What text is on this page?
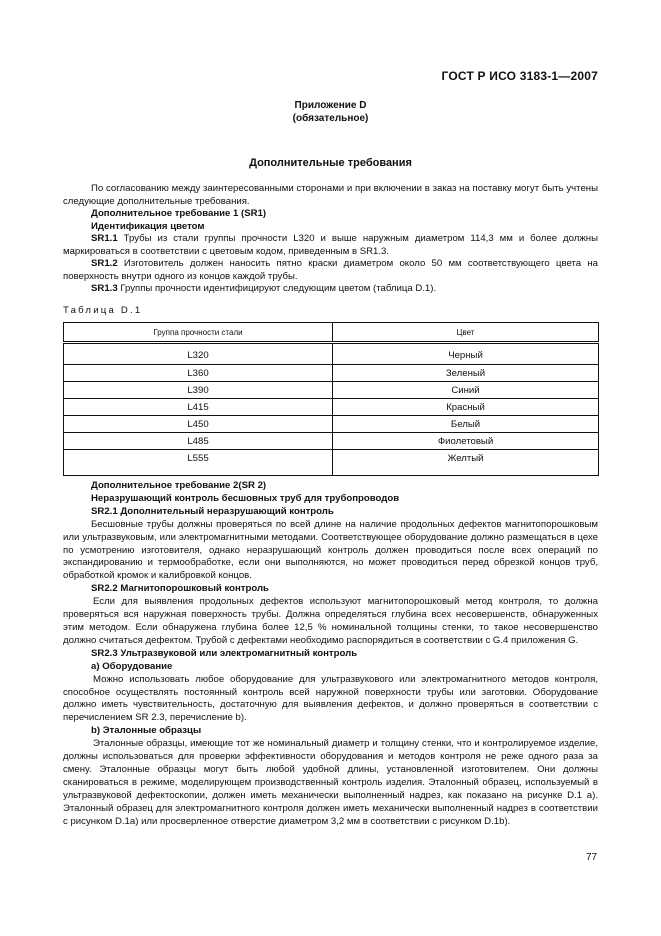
ГОСТ Р ИСО 3183-1—2007
Приложение D
(обязательное)
Дополнительные требования

По согласованию между заинтересованными сторонами и при включении в заказ на поставку могут быть учтены следующие дополнительные требования.

Дополнительное требование 1 (SR1)

Идентификация цветом

SR1.1 Трубы из стали группы прочности L320 и выше наружным диаметром 114,3 мм и более должны маркироваться в соответствии с цветовым кодом, приведенным в SR1.3.

SR1.2 Изготовитель должен наносить пятно краски диаметром около 50 мм соответствующего цвета на поверхность внутри одного из концов каждой трубы.

SR1.3 Группы прочности идентифицируют следующим цветом (таблица D.1).

Таблица D.1
Группа прочности стали	Цвет
L320	Черный
L360	Зеленый
L390	Синий
L415	Красный
L450	Белый
L485	Фиолетовый
L555	Желтый

Дополнительное требование 2(SR 2)

Неразрушающий контроль бесшовных труб для трубопроводов

SR2.1 Дополнительный неразрушающий контроль

Бесшовные трубы должны проверяться по всей длине на наличие продольных дефектов магнитопорошковым или ультразвуковым, или электромагнитными методами. Соответствующее оборудование должно размещаться в цехе по усмотрению изготовителя, однако неразрушающий контроль должен проводиться после всех операций по экспандированию и термообработке, если они выполняются, но может проводиться перед обрезкой концов труб, обработкой кромок и калибровкой концов.

SR2.2 Магнитопорошковый контроль

Если для выявления продольных дефектов используют магнитопорошковый метод контроля, то должна проверяться вся наружная поверхность трубы. Должна определяться глубина всех несовершенств, обнаруженных этим методом. Если обнаружена глубина более 12,5 % номинальной толщины стенки, то такое несовершенство должно считаться дефектом. Трубой с дефектами необходимо распорядиться в соответствии с G.4 приложения G.

SR2.3 Ультразвуковой или электромагнитный контроль

а) Оборудование

Можно использовать любое оборудование для ультразвукового или электромагнитного методов контроля, способное осуществлять постоянный контроль всей наружной поверхности трубы или заготовки. Оборудование должно иметь чувствительность, достаточную для выявления дефектов, и должно проверяться в соответствии с перечислением SR 2.3, перечисление b).

b) Эталонные образцы

Эталонные образцы, имеющие тот же номинальный диаметр и толщину стенки, что и контролируемое изделие, должны использоваться для проверки эффективности оборудования и методов контроля не реже одного раза за смену. Эталонные образцы могут быть любой удобной длины, установленной изготовителем. Они должны сканироваться в режиме, моделирующем производственный контроль изделия. Эталонный образец, используемый в ультразвуковой дефектоскопии, должен иметь механически выполненный надрез, как показано на рисунке D.1 а). Эталонный образец для электромагнитного контроля должен иметь механически выполненный надрез в соответствии с рисунком D.1a) или просверленное отверстие диаметром 3,2 мм в соответствии с рисунком D.1b).

77
